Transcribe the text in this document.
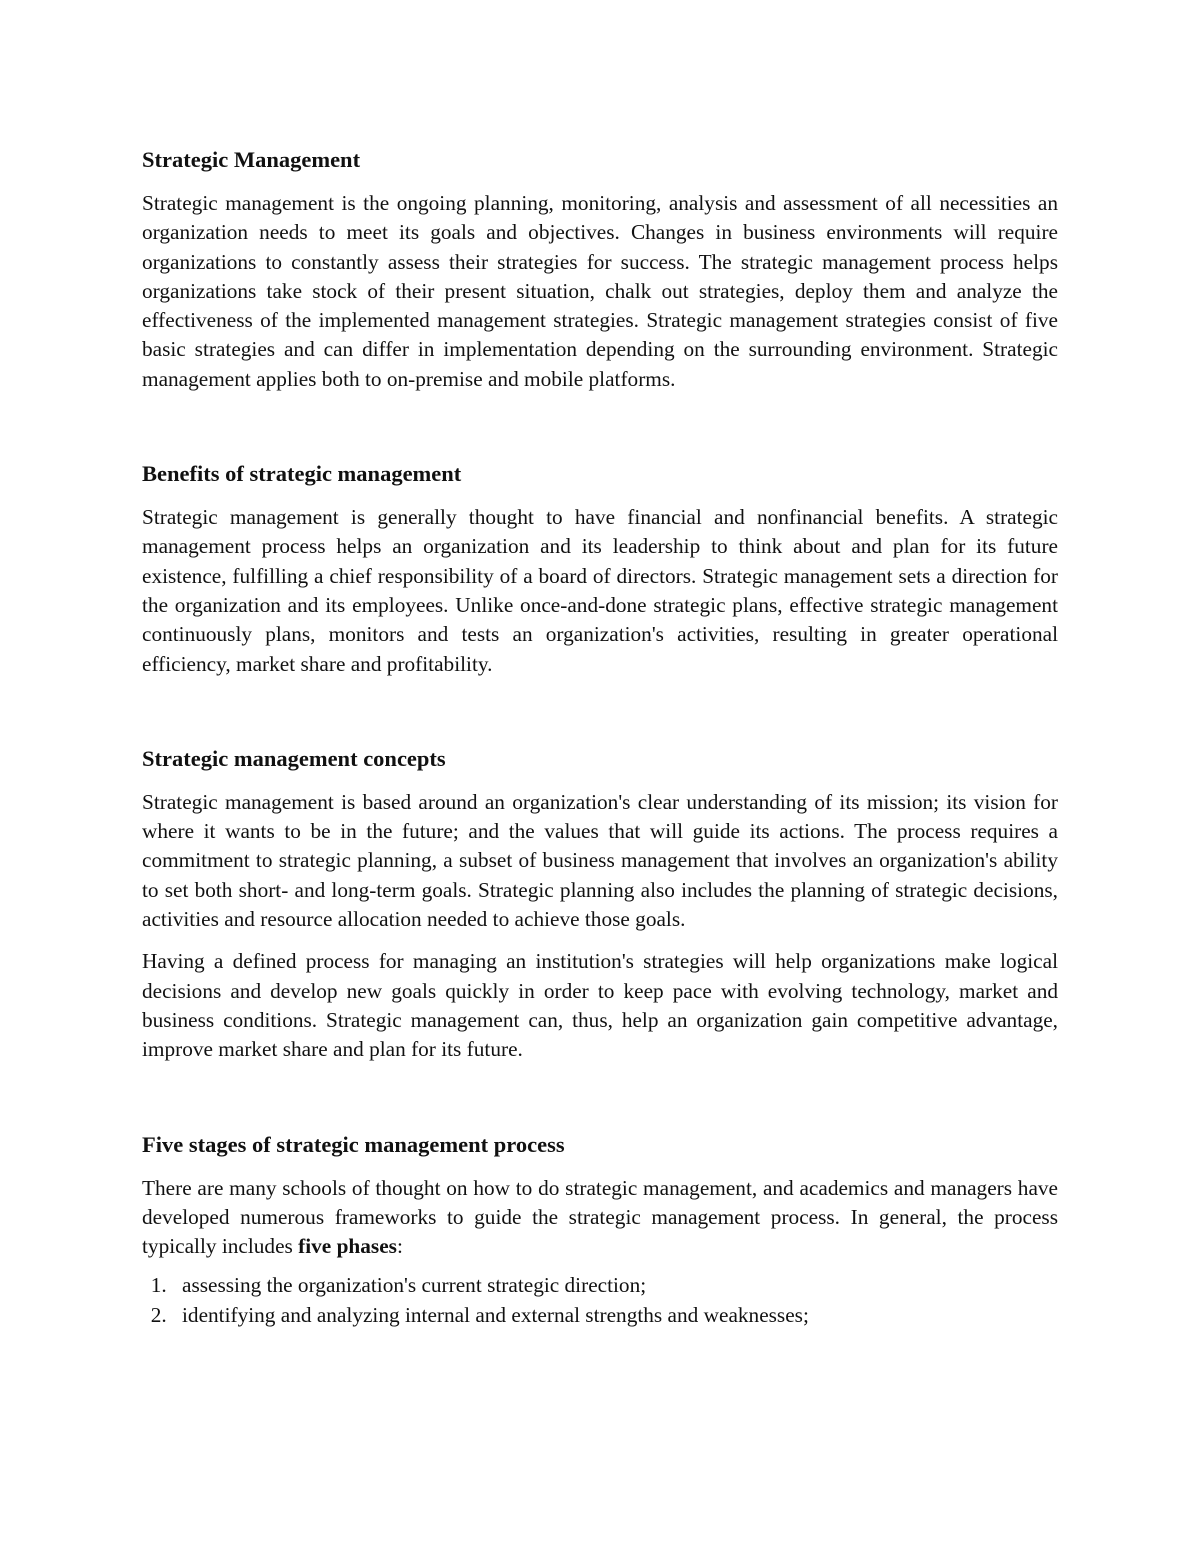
Strategic Management

Strategic management is the ongoing planning, monitoring, analysis and assessment of all necessities an organization needs to meet its goals and objectives. Changes in business environments will require organizations to constantly assess their strategies for success. The strategic management process helps organizations take stock of their present situation, chalk out strategies, deploy them and analyze the effectiveness of the implemented management strategies. Strategic management strategies consist of five basic strategies and can differ in implementation depending on the surrounding environment. Strategic management applies both to on-premise and mobile platforms.

Benefits of strategic management

Strategic management is generally thought to have financial and nonfinancial benefits. A strategic management process helps an organization and its leadership to think about and plan for its future existence, fulfilling a chief responsibility of a board of directors. Strategic management sets a direction for the organization and its employees. Unlike once-and-done strategic plans, effective strategic management continuously plans, monitors and tests an organization's activities, resulting in greater operational efficiency, market share and profitability.

Strategic management concepts

Strategic management is based around an organization's clear understanding of its mission; its vision for where it wants to be in the future; and the values that will guide its actions. The process requires a commitment to strategic planning, a subset of business management that involves an organization's ability to set both short- and long-term goals. Strategic planning also includes the planning of strategic decisions, activities and resource allocation needed to achieve those goals.

Having a defined process for managing an institution's strategies will help organizations make logical decisions and develop new goals quickly in order to keep pace with evolving technology, market and business conditions. Strategic management can, thus, help an organization gain competitive advantage, improve market share and plan for its future.

Five stages of strategic management process

There are many schools of thought on how to do strategic management, and academics and managers have developed numerous frameworks to guide the strategic management process. In general, the process typically includes five phases:

1. assessing the organization's current strategic direction;
2. identifying and analyzing internal and external strengths and weaknesses;
